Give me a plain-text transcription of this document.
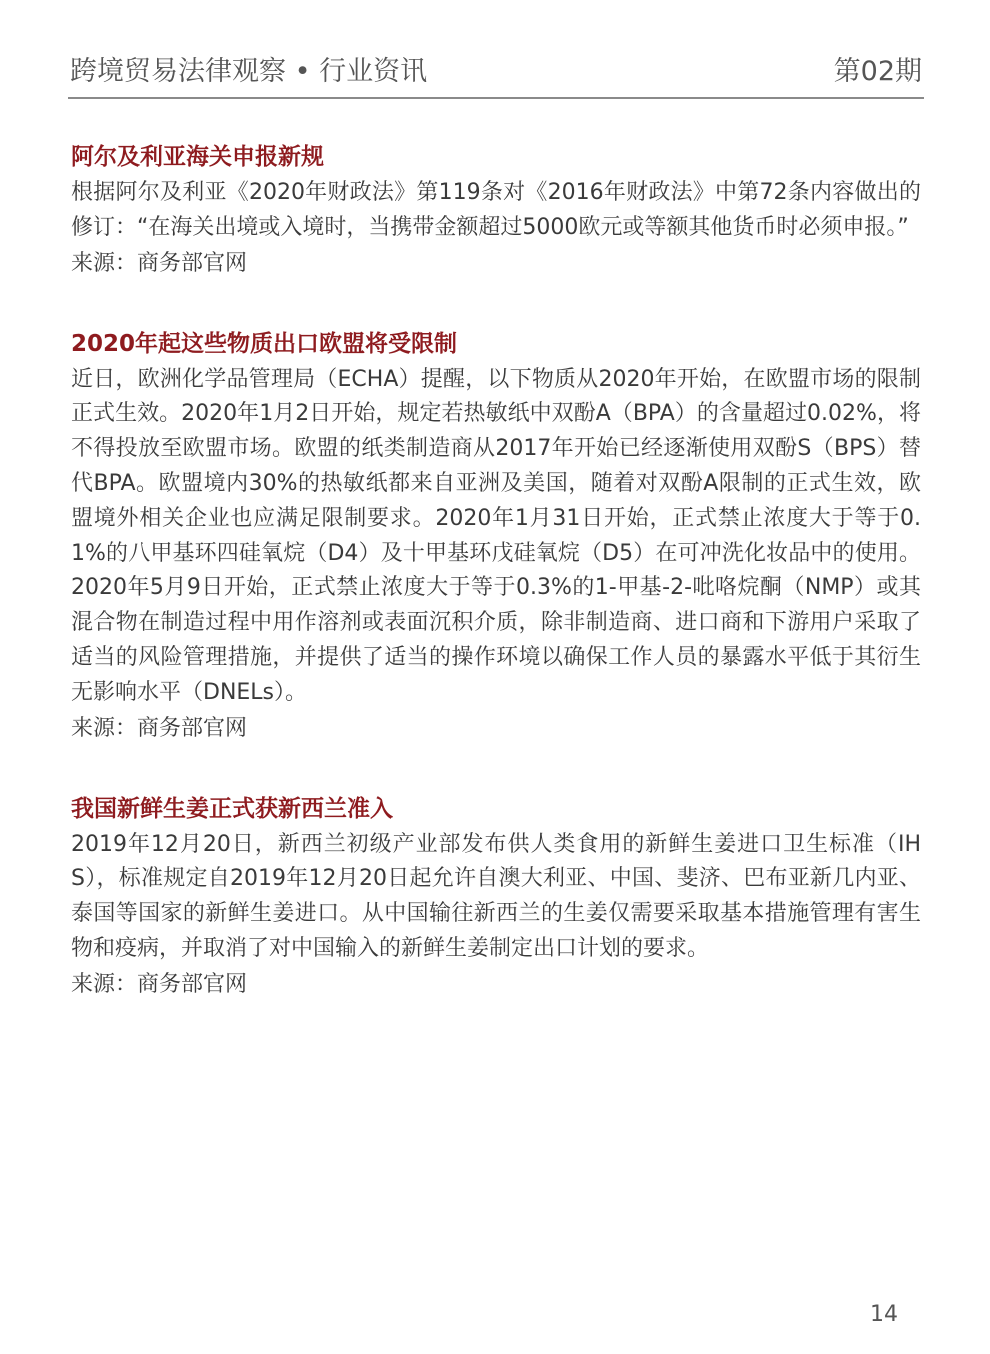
跨境贸易法律观察 • 行业资讯	第02期
阿尔及利亚海关申报新规

根据阿尔及利亚《2020年财政法》第119条对《2016年财政法》中第72条内容做出的修订：“在海关出境或入境时，当携带金额超过5000欧元或等额其他货币时必须申报。”

来源：商务部官网

2020年起这些物质出口欧盟将受限制

近日，欧洲化学品管理局（ECHA）提醒，以下物质从2020年开始，在欧盟市场的限制正式生效。2020年1月2日开始，规定若热敏纸中双酚A（BPA）的含量超过0.02%，将不得投放至欧盟市场。欧盟的纸类制造商从2017年开始已经逐渐使用双酚S（BPS）替代BPA。欧盟境内30%的热敏纸都来自亚洲及美国，随着对双酚A限制的正式生效，欧盟境外相关企业也应满足限制要求。2020年1月31日开始，正式禁止浓度大于等于0.1%的八甲基环四硅氧烷（D4）及十甲基环戊硅氧烷（D5）在可冲洗化妆品中的使用。2020年5月9日开始，正式禁止浓度大于等于0.3%的1-甲基-2-吡咯烷酮（NMP）或其混合物在制造过程中用作溶剂或表面沉积介质，除非制造商、进口商和下游用户采取了适当的风险管理措施，并提供了适当的操作环境以确保工作人员的暴露水平低于其衍生无影响水平（DNELs）。

来源：商务部官网

我国新鲜生姜正式获新西兰准入

2019年12月20日，新西兰初级产业部发布供人类食用的新鲜生姜进口卫生标准（IHS），标准规定自2019年12月20日起允许自澳大利亚、中国、斐济、巴布亚新几内亚、泰国等国家的新鲜生姜进口。从中国输往新西兰的生姜仅需要采取基本措施管理有害生物和疫病，并取消了对中国输入的新鲜生姜制定出口计划的要求。

来源：商务部官网

14
